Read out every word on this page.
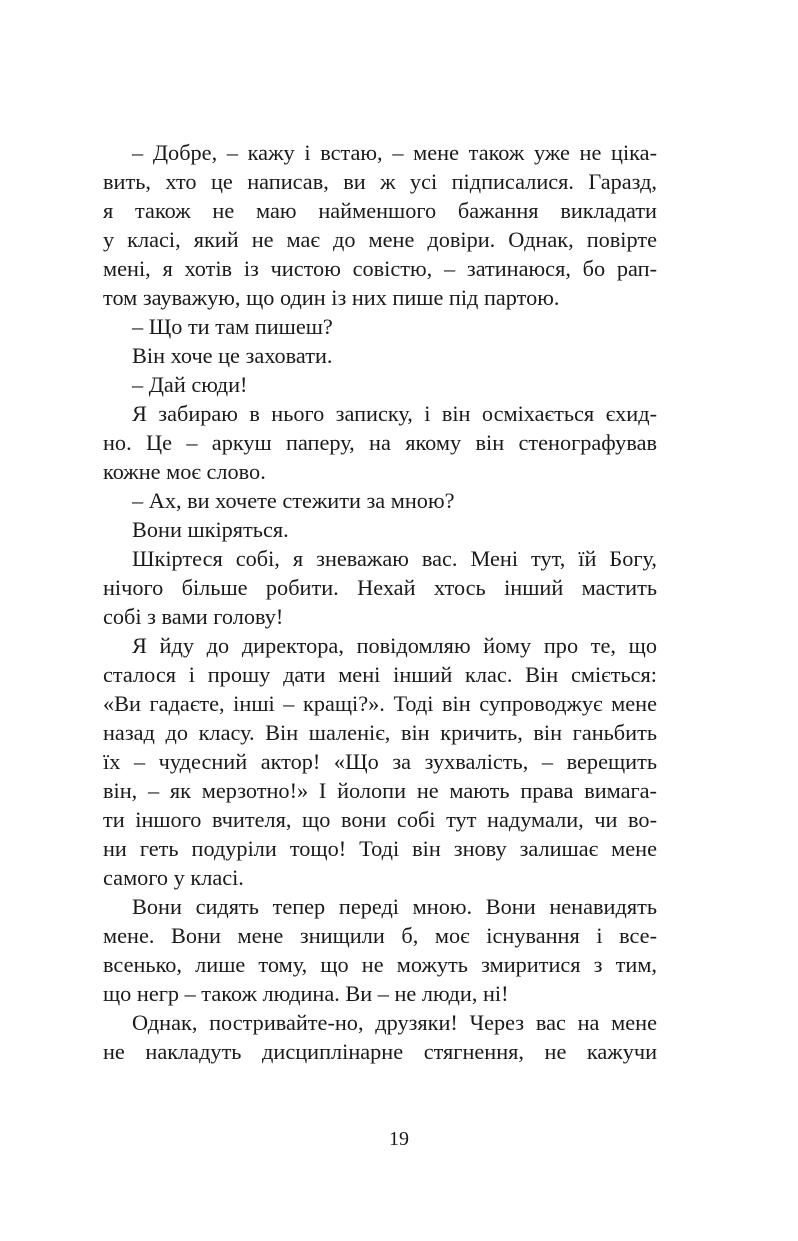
– Добре, – кажу і встаю, – мене також уже не ціка-
вить, хто це написав, ви ж усі підписалися. Гаразд,
я також не маю найменшого бажання викладати
у класі, який не має до мене довіри. Однак, повірте
мені, я хотів із чистою совістю, – затинаюся, бо рап-
том зауважую, що один із них пише під партою.
– Що ти там пишеш?
Він хоче це заховати.
– Дай сюди!
Я забираю в нього записку, і він осміхається єхид-
но. Це – аркуш паперу, на якому він стенографував
кожне моє слово.
– Ах, ви хочете стежити за мною?
Вони шкіряться.
Шкіртеся собі, я зневажаю вас. Мені тут, їй Богу,
нічого більше робити. Нехай хтось інший мастить
собі з вами голову!
Я йду до директора, повідомляю йому про те, що
сталося і прошу дати мені інший клас. Він сміється:
«Ви гадаєте, інші – кращі?». Тоді він супроводжує мене
назад до класу. Він шаленіє, він кричить, він ганьбить
їх – чудесний актор! «Що за зухвалість, – верещить
він, – як мерзотно!» І йолопи не мають права вимага-
ти іншого вчителя, що вони собі тут надумали, чи во-
ни геть подуріли тощо! Тоді він знову залишає мене
самого у класі.
Вони сидять тепер переді мною. Вони ненавидять
мене. Вони мене знищили б, моє існування і все-
всенько, лише тому, що не можуть змиритися з тим,
що негр – також людина. Ви – не люди, ні!
Однак, постривайте-но, друзяки! Через вас на мене
не накладуть дисциплінарне стягнення, не кажучи
19
